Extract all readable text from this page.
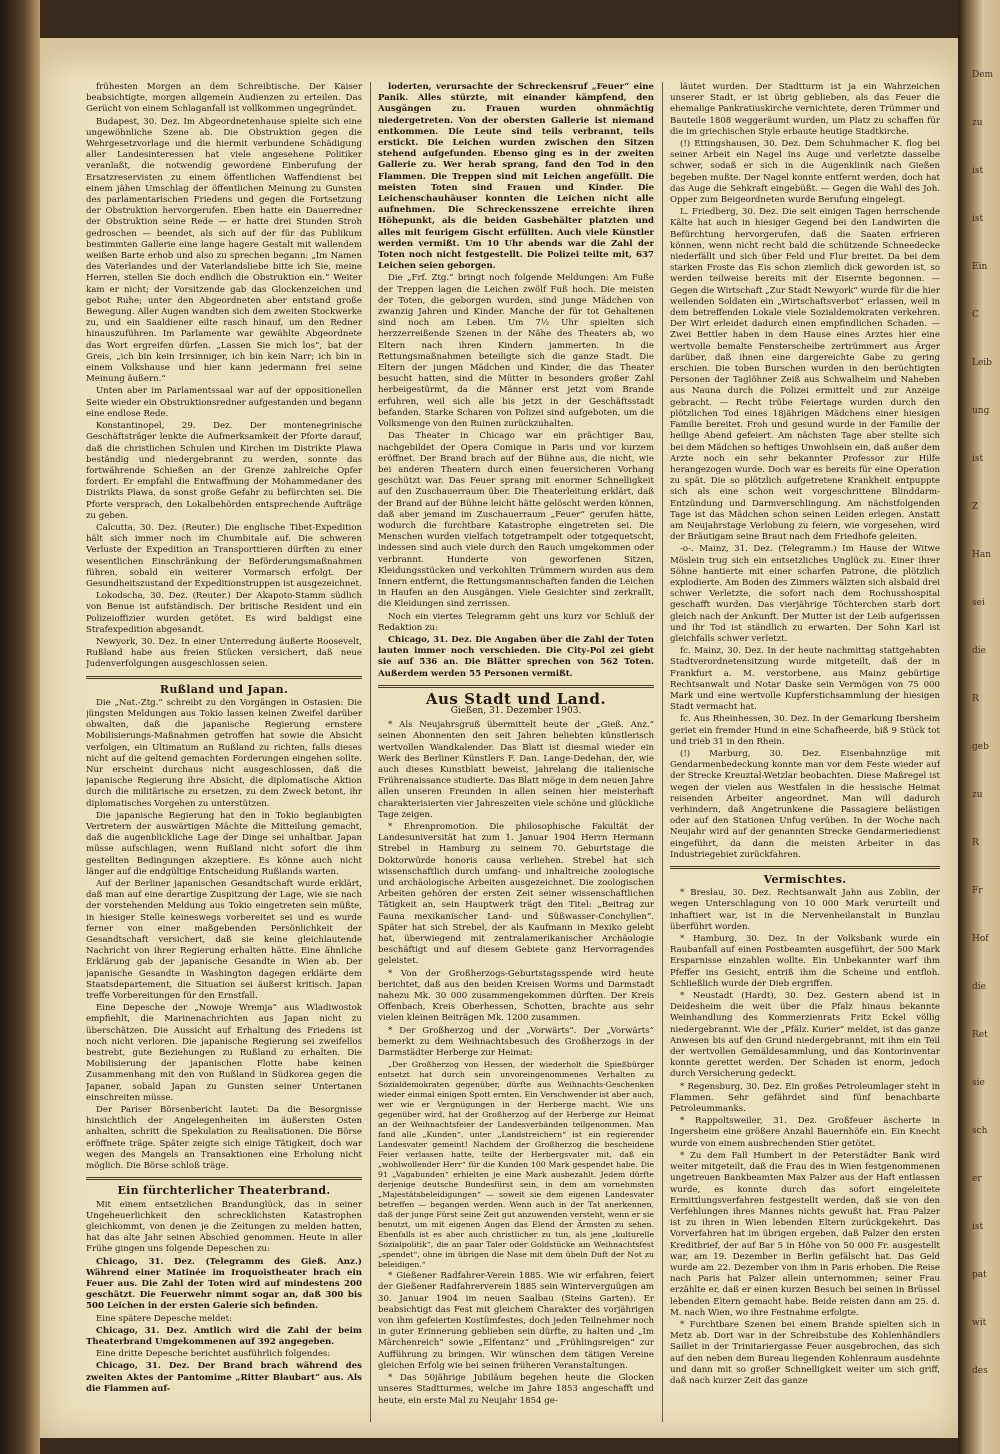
frühesten Morgen an dem Schreibtische. Der Kaiser beabsichtigte, morgen allgemein Audienzen zu erteilen. Das Gerücht von einem Schlaganfall ist vollkommen ungegründet.

Budapest, 30. Dez. Im Abgeordnetenhause spielte sich eine ungewöhnliche Szene ab. Die Obstruktion gegen die Wehrgesetzvorlage und die hiermit verbundene Schädigung aller Landesinteressen hat viele angesehene Politiker veranlaßt, die notwendig gewordene Einberufung der Ersatzreservisten zu einem öffentlichen Waffendienst bei einem jähen Umschlag der öffentlichen Meinung zu Gunsten des parlamentarischen Friedens und gegen die Fortsetzung der Obstruktion hervorgerufen. Eben hatte ein Dauerredner der Obstruktion seine Rede — er hatte drei Stunden Stroh gedroschen — beendet, als sich auf der für das Publikum bestimmten Gallerie eine lange hagere Gestalt mit wallendem weißen Barte erhob und also zu sprechen begann: „Im Namen des Vaterlandes und der Vaterlandsliebe bitte ich Sie, meine Herren, stellen Sie doch endlich die Obstruktion ein.“ Weiter kam er nicht; der Vorsitzende gab das Glockenzeichen und gebot Ruhe; unter den Abgeordneten aber entstand große Bewegung. Aller Augen wandten sich dem zweiten Stockwerke zu, und ein Saaldiener eilte rasch hinauf, um den Redner hinauszuführen. Im Parlamente war gewählte Abgeordnete das Wort ergreifen dürfen. „Lassen Sie mich los“, bat der Greis, „ich bin kein Irrsinniger, ich bin kein Narr; ich bin in einem Volkshause und hier kann jedermann frei seine Meinung äußern.“

Unten aber im Parlamentssaal war auf der oppositionellen Seite wieder ein Obstruktionsredner aufgestanden und begann eine endlose Rede.

Konstantinopel, 29. Dez. Der montenegrinische Geschäftsträger lenkte die Aufmerksamkeit der Pforte darauf, daß die christlichen Schulen und Kirchen im Distrikte Plawa beständig und niedergebrannt zu werden, sonnte das fortwährende Schießen an der Grenze zahlreiche Opfer fordert. Er empfahl die Entwaffnung der Mohammedaner des Distrikts Plawa, da sonst große Gefahr zu befürchten sei. Die Pforte versprach, den Lokalbehörden entsprechende Aufträge zu geben.

Calcutta, 30. Dez. (Reuter.) Die englische Tibet-Expedition hält sich immer noch im Chumbitale auf. Die schweren Verluste der Expedition an Transporttieren dürften zu einer wesentlichen Einschränkung der Beförderungsmaßnahmen führen, sobald ein weiterer Vormarsch erfolgt. Der Gesundheitszustand der Expeditionstruppen ist ausgezeichnet.

Lokodscha, 30. Dez. (Reuter.) Der Akapoto-Stamm südlich von Benue ist aufständisch. Der britische Resident und ein Polizeioffizier wurden getötet. Es wird baldigst eine Strafexpedition abgesandt.

Newyork, 30. Dez. In einer Unterredung äußerte Roosevelt, Rußland habe aus freien Stücken versichert, daß neue Judenverfolgungen ausgeschlossen seien.

Rußland und Japan.

Die „Nat.-Ztg.“ schreibt zu den Vorgängen in Ostasien: Die jüngsten Meldungen aus Tokio lassen keinen Zweifel darüber obwalten, daß die japanische Regierung ernstere Mobilisierungs-Maßnahmen getroffen hat sowie die Absicht verfolgen, ein Ultimatum an Rußland zu richten, falls dieses nicht auf die geltend gemachten Forderungen eingehen sollte. Nur erscheint durchaus nicht ausgeschlossen, daß die japanische Regierung ihre Absicht, die diplomatische Aktion durch die militärische zu ersetzen, zu dem Zweck betont, ihr diplomatisches Vorgehen zu unterstützen.

Die japanische Regierung hat den in Tokio beglaubigten Vertretern der auswärtigen Mächte die Mitteilung gemacht, daß die augenblickliche Lage der Dinge sei unhaltbar. Japan müsse aufschlagen, wenn Rußland nicht sofort die ihm gestellten Bedingungen akzeptiere. Es könne auch nicht länger auf die endgültige Entscheidung Rußlands warten.

Auf der Berliner japanischen Gesandtschaft wurde erklärt, daß man auf eine derartige Zuspitzung der Lage, wie sie nach der vorstehenden Meldung aus Tokio eingetreten sein müßte, in hiesiger Stelle keineswegs vorbereitet sei und es wurde ferner von einer maßgebenden Persönlichkeit der Gesandtschaft versichert, daß sie keine gleichlautende Nachricht von ihrer Regierung erhalten hätte. Eine ähnliche Erklärung gab der japanische Gesandte in Wien ab. Der japanische Gesandte in Washington dagegen erklärte dem Staatsdepartement, die Situation sei äußerst kritisch. Japan treffe Vorbereitungen für den Ernstfall.

Eine Depesche der „Nowoje Wremja“ aus Wladiwostok empfiehlt, die Marinenachrichten aus Japan nicht zu überschätzen. Die Aussicht auf Erhaltung des Friedens ist noch nicht verloren. Die japanische Regierung sei zweifellos bestrebt, gute Beziehungen zu Rußland zu erhalten. Die Mobilisierung der japanischen Flotte habe keinen Zusammenhang mit den von Rußland in Südkorea gegen die Japaner, sobald Japan zu Gunsten seiner Untertanen einschreiten müsse.

Der Pariser Börsenbericht lautet: Da die Besorgnisse hinsichtlich der Angelegenheiten im äußersten Osten anhalten, schritt die Spekulation zu Realisationen. Die Börse eröffnete träge. Später zeigte sich einige Tätigkeit, doch war wegen des Mangels an Transaktionen eine Erholung nicht möglich. Die Börse schloß träge.

Ein fürchterlicher Theaterbrand.

Mit einem entsetzlichen Brandunglück, das in seiner Ungeheuerlichkeit den schrecklichsten Katastrophen gleichkommt, von denen je die Zeitungen zu melden hatten, hat das alte Jahr seinen Abschied genommen. Heute in aller Frühe gingen uns folgende Depeschen zu:

Chicago, 31. Dez. (Telegramm des Gieß. Anz.) Während einer Matinée im Iroquoistheater brach ein Feuer aus. Die Zahl der Toten wird auf mindestens 200 geschätzt. Die Feuerwehr nimmt sogar an, daß 300 bis 500 Leichen in der ersten Galerie sich befinden.

Eine spätere Depesche meldet:

Chicago, 31. Dez. Amtlich wird die Zahl der beim Theaterbrand Umgekommenen auf 392 angegeben.

Eine dritte Depesche berichtet ausführlich folgendes:

Chicago, 31. Dez. Der Brand brach während des zweiten Aktes der Pantomime „Ritter Blaubart“ aus. Als die Flammen auf-

loderten, verursachte der Schreckensruf „Feuer“ eine Panik. Alles stürzte, mit einander kämpfend, den Ausgängen zu. Frauen wurden ohnmächtig niedergetreten. Von der obersten Gallerie ist niemand entkommen. Die Leute sind teils verbrannt, teils erstickt. Die Leichen wurden zwischen den Sitzen stehend aufgefunden. Ebenso ging es in der zweiten Gallerie zu. Wer herab sprang, fand den Tod in den Flammen. Die Treppen sind mit Leichen angefüllt. Die meisten Toten sind Frauen und Kinder. Die Leichenschauhäuser konnten die Leichen nicht alle aufnehmen. Die Schreckensszene erreichte ihren Höhepunkt, als die beiden Gasbehälter platzten und alles mit feurigem Gischt erfüllten. Auch viele Künstler werden vermißt. Um 10 Uhr abends war die Zahl der Toten noch nicht festgestellt. Die Polizei teilte mit, 637 Leichen seien geborgen.

Die „Frf. Ztg.“ bringt noch folgende Meldungen: Am Fuße der Treppen lagen die Leichen zwölf Fuß hoch. Die meisten der Toten, die geborgen wurden, sind junge Mädchen von zwanzig Jahren und Kinder. Manche der für tot Gehaltenen sind noch am Leben. Um 7½ Uhr spielten sich herzzerreißende Szenen in der Nähe des Theaters ab, wo Eltern nach ihren Kindern jammerten. In die Rettungsmaßnahmen beteiligte sich die ganze Stadt. Die Eltern der jungen Mädchen und Kinder, die das Theater besucht hatten, sind die Mütter in besonders großer Zahl herbeigestürmt, da die Männer erst jetzt vom Brande erfuhren, weil sich alle bis jetzt in der Geschäftsstadt befanden. Starke Scharen von Polizei sind aufgeboten, um die Volksmenge von den Ruinen zurückzuhalten.

Das Theater in Chicago war ein prächtiger Bau, nachgebildet der Opera Comique in Paris und vor kurzem eröffnet. Der Brand brach auf der Bühne aus, die nicht, wie bei anderen Theatern durch einen feuersicheren Vorhang geschützt war. Das Feuer sprang mit enormer Schnelligkeit auf den Zuschauerraum über. Die Theaterleitung erklärt, daß der Brand auf der Bühne leicht hätte gelöscht werden können, daß aber jemand im Zuschauerraum „Feuer“ gerufen hätte, wodurch die furchtbare Katastrophe eingetreten sei. Die Menschen wurden vielfach totgetrampelt oder totgequetscht, indessen sind auch viele durch den Rauch umgekommen oder verbrannt. Hunderte von geworfenen Sitzen, Kleidungsstücken und verkohlten Trümmern wurden aus dem Innern entfernt, die Rettungsmannschaften fanden die Leichen in Haufen an den Ausgängen. Viele Gesichter sind zerkrallt, die Kleidungen sind zerrissen.

Noch ein viertes Telegramm geht uns kurz vor Schluß der Redaktion zu:

Chicago, 31. Dez. Die Angaben über die Zahl der Toten lauten immer noch verschieden. Die City-Pol zei giebt sie auf 536 an. Die Blätter sprechen von 562 Toten. Außerdem werden 55 Personen vermißt.

Aus Stadt und Land.
Gießen, 31. Dezember 1903.

* Als Neujahrsgruß übermittelt heute der „Gieß. Anz.“ seinen Abonnenten den seit Jahren beliebten künstlerisch wertvollen Wandkalender. Das Blatt ist diesmal wieder ein Werk des Berliner Künstlers F. Dan. Lange-Dedehan, der, wie auch dieses Kunstblatt beweist, jahrelang die italienische Frührenaissance studierte. Das Blatt möge in dem neuen Jahre allen unseren Freunden in allen seinen hier meisterhaft charakterisierten vier Jahreszeiten viele schöne und glückliche Tage zeigen.

* Ehrenpromotion. Die philosophische Fakultät der Landesuniversität hat zum 1. Januar 1904 Herrn Hermann Strebel in Hamburg zu seinem 70. Geburtstage die Doktorwürde honoris causa verliehen. Strebel hat sich wissenschaftlich durch umfang- und inhaltreiche zoologische und archäologische Arbeiten ausgezeichnet. Die zoologischen Arbeiten gehören der ersten Zeit seiner wissenschaftlichen Tätigkeit an, sein Hauptwerk trägt den Titel: „Beitrag zur Fauna mexikanischer Land- und Süßwasser-Conchylien“. Später hat sich Strebel, der als Kaufmann in Mexiko gelebt hat, überwiegend mit zentralamerikanischer Archäologie beschäftigt und auf diesem Gebiete ganz Hervorragendes geleistet.

* Von der Großherzogs-Geburtstagsspende wird heute berichtet, daß aus den beiden Kreisen Worms und Darmstadt nahezu Mk. 30 000 zusammengekommen dürften. Der Kreis Offenbach, Kreis Oberhessen, Schotten, brachte aus sehr vielen kleinen Beiträgen Mk. 1200 zusammen.

* Der Großherzog und der „Vorwärts“. Der „Vorwärts“ bemerkt zu dem Weihnachtsbesuch des Großherzogs in der Darmstädter Herberge zur Heimat:

„Der Großherzog von Hessen, der wiederholt die Spießbürger entsetzt hat durch sein unvoreingenommenes Verhalten zu Sozialdemokraten gegenüber, dürfte aus Weihnachts-Geschenken wieder einmal einigen Spott ernten. Ein Verschwender ist aber auch, wer wie er Vergnügungen in der Herberge macht. Wie uns gegenüber wird, hat der Großherzog auf der Herberge zur Heimat an der Weihnachtsfeier der Landesverbänden teilgenommen. Man fand alle „Kunden“, unter „Landstreichern“ ist ein regierender Landesvater gemeint! Nachdem der Großherzog die bescheidene Feier verlassen hatte, teilte der Herbergsvater mit, daß ein „wohlwollender Herr“ für die Kunden 100 Mark gespendet habe. Die 91 „Vagabunden“ erhielten je eine Mark ausbezahlt. Jedem dürfte derjenige deutsche Bundesfürst sein, in dem am vornehmsten „Majestätsbeleidigungen“ — soweit sie dem eigenen Landesvater betreffen — begangen werden. Wenn auch in der Tat anerkennen, daß der junge Fürst seine Zeit gut anzuwenden versteht, wenn er sie benutzt, um mit eigenen Augen das Elend der Ärmsten zu sehen. Ebenfalls ist es aber auch christlicher zu tun, als jene „kulturelle Sozialpolitik“, die an paar Taler oder Goldstücke am Weihnachtsfest „spendet“, ohne im übrigen die Nase mit dem übeln Duft der Not zu beleidigen.“

* Gießener Radfahrer-Verein 1885. Wie wir erfahren, feiert der Gießener Radfahrerverein 1885 sein Winterverguügen am 30. Januar 1904 im neuen Saalbau (Steins Garten). Er beabsichtigt das Fest mit gleichem Charakter des vorjährigen von ihm gefeierten Kostümfestes, doch jeden Teilnehmer noch in guter Erinnerung geblieben sein dürfte, zu halten und „Im Märchenreich“ sowie „Elfentanz“ und „Frühlingsreigen“ zur Aufführung zu bringen. Wir wünschen dem tätigen Vereine gleichen Erfolg wie bei seinen früheren Veranstaltungen.

* Das 50jährige Jubiläum begehen heute die Glocken unseres Stadtturmes, welche im Jahre 1853 angeschafft und heute, ein erste Mal zu Neujahr 1854 ge-

läutet wurden. Der Stadtturm ist ja ein Wahrzeichen unserer Stadt, er ist übrig geblieben, als das Feuer die ehemalige Pankratiuskirche vernichtete, deren Trümmer und Bauteile 1808 weggeräumt wurden, um Platz zu schaffen für die im griechischen Style erbaute heutige Stadtkirche.

(!) Ettingshausen, 30. Dez. Dem Schuhmacher K. flog bei seiner Arbeit ein Nagel ins Auge und verletzte dasselbe schwer, sodaß er sich in die Augenklinik nach Gießen begeben mußte. Der Nagel konnte entfernt werden, doch hat das Auge die Sehkraft eingebüßt. — Gegen die Wahl des Joh. Opper zum Beigeordneten wurde Berufung eingelegt.

L. Friedberg, 30. Dez. Die seit einigen Tagen herrschende Kälte hat auch in hiesiger Gegend bei den Landwirten die Befürchtung hervorgerufen, daß die Saaten erfrieren können, wenn nicht recht bald die schützende Schneedecke niederfällt und sich über Feld und Flur breitet. Da bei dem starken Froste das Eis schon ziemlich dick geworden ist, so werden teilweise bereits mit der Eisernte begonnen. — Gegen die Wirtschaft „Zur Stadt Newyork“ wurde für die hier weilenden Soldaten ein „Wirtschaftsverbot“ erlassen, weil in dem betreffenden Lokale viele Sozialdemokraten verkehren. Der Wirt erleidet dadurch einen empfindlichen Schaden. — Zwei Bettler haben in dem Hause eines Arztes hier eine wertvolle bemalte Fensterscheibe zertrümmert aus Ärger darüber, daß ihnen eine dargereichte Gabe zu gering erschien. Die toben Burschen wurden in den berüchtigten Personen der Taglöhner Zeiß aus Schwalheim und Naheben aus Nauna durch die Polizei ermittelt und zur Anzeige gebracht. — Recht trübe Feiertage wurden durch den plötzlichen Tod eines 18jährigen Mädchens einer hiesigen Familie bereitet. Froh und gesund wurde in der Familie der heilige Abend gefeiert. Am nächsten Tage aber stellte sich bei dem Mädchen so heftiges Unwohlsein ein, daß außer dem Arzte noch ein sehr bekannter Professor zur Hilfe herangezogen wurde. Doch war es bereits für eine Operation zu spät. Die so plötzlich aufgetretene Krankheit entpuppte sich als eine schon weit vorgeschrittene Blinddarm-Entzündung und Darmverschlingung. Am nächstfolgenden Tage ist das Mädchen schon seinen Leiden erlegen. Anstatt am Neujahrstage Verlobung zu feiern, wie vorgesehen, wird der Bräutigam seine Braut nach dem Friedhofe geleiten.

-o-. Mainz, 31. Dez. (Telegramm.) Im Hause der Witwe Möslein trug sich ein entsetzliches Unglück zu. Einer ihrer Söhne hantierte mit einer scharfen Patrone, die plötzlich explodierte. Am Boden des Zimmers wälzten sich alsbald drei schwer Verletzte, die sofort nach dem Rochusshospital geschafft wurden. Das vierjährige Töchterchen starb dort gleich nach der Ankunft. Der Mutter ist der Leib aufgerissen und ihr Tod ist ständlich zu erwarten. Der Sohn Karl ist gleichfalls schwer verletzt.

fc. Mainz, 30. Dez. In der heute nachmittag stattgehabten Stadtverordnetensitzung wurde mitgeteilt, daß der in Frankfurt a. M. verstorbene, aus Mainz gebürtige Rechtsanwalt und Notar Daske sein Vermögen von 75 000 Mark und eine wertvolle Kupferstichsammlung der hiesigen Stadt vermacht hat.

fc. Aus Rheinhessen, 30. Dez. In der Gemarkung Ibersheim geriet ein fremder Hund in eine Schafheerde, biß 9 Stück tot und trieb 31 in den Rhein.

(!) Marburg, 30. Dez. Eisenbahnzüge mit Gendarmenbedeckung konnte man vor dem Feste wieder auf der Strecke Kreuztal-Wetzlar beobachten. Diese Maßregel ist wegen der vielen aus Westfalen in die hessische Heimat reisenden Arbeiter angeordnet. Man will dadurch verhindern, daß Angetrunkene die Passagiere belästigen oder auf den Stationen Unfug verüben. In der Woche nach Neujahr wird auf der genannten Strecke Gendarmeriedienst eingeführt, da dann die meisten Arbeiter in das Industriegebiet zurückfahren.

Vermischtes.

* Breslau, 30. Dez. Rechtsanwalt Jahn aus Zoblin, der wegen Unterschlagung von 10 000 Mark verurteilt und inhaftiert war, ist in die Nervenheilanstalt in Bunzlau überführt worden.

* Hamburg, 30. Dez. In der Volksbank wurde ein Raubanfall auf einen Postbeamten ausgeführt, der 500 Mark Ersparnisse einzahlen wollte. Ein Unbekannter warf ihm Pfeffer ins Gesicht, entriß ihm die Scheine und entfloh. Schließlich wurde der Dieb ergriffen.

* Neustadt (Hardt), 30. Dez. Gestern abend ist in Deidesheim die weit über die Pfalz hinaus bekannte Weinhandlung des Kommerzienrats Fritz Eckel völlig niedergebrannt. Wie der „Pfälz. Kurier“ meldet, ist das ganze Anwesen bis auf den Grund niedergebrannt, mit ihm ein Teil der wertvollen Gemäldesammlung, und das Kontorinventar konnte gerettet werden. Der Schaden ist enorm, jedoch durch Versicherung gedeckt.

* Regensburg, 30. Dez. Ein großes Petroleumlager steht in Flammen. Sehr gefährdet sind fünf benachbarte Petroleummanks.

* Rappoltsweiler, 31. Dez. Großfeuer äscherte in Ingersheim eine größere Anzahl Bauernhöfe ein. Ein Knecht wurde von einem ausbrechenden Stier getötet.

* Zu dem Fall Humbert in der Peterstädter Bank wird weiter mitgeteilt, daß die Frau des in Wien festgenommenen ungetreuen Bankbeamten Max Palzer aus der Haft entlassen wurde, es konnte durch das sofort eingeleitete Ermittlungsverfahren festgestellt werden, daß sie von den Verfehlungen ihres Mannes nichts gewußt hat. Frau Palzer ist zu ihren in Wien lebenden Eltern zurückgekehrt. Das Vorverfahren hat im übrigen ergeben, daß Palzer den ersten Kreditbrief, der auf Bar 5 in Höhe von 50 000 Fr. ausgestellt war, am 19. Dezember in Berlin gefälscht hat. Das Geld wurde am 22. Dezember von ihm in Paris erhoben. Die Reise nach Paris hat Palzer allein unternommen; seiner Frau erzählte er, daß er einen kurzen Besuch bei seinen in Brüssel lebenden Eltern gemacht habe. Beide reisten dann am 25. d. M. nach Wien, wo ihre Festnahme erfolgte.

* Furchtbare Szenen bei einem Brande spielten sich in Metz ab. Dort war in der Schreibstube des Kohlenhändlers Saillet in der Trinitariergasse Feuer ausgebrochen, das sich auf den neben dem Bureau liegenden Kohlenraum ausdehnte und dann mit so großer Schnelligkeit weiter um sich griff, daß nach kurzer Zeit das ganze

Dem
zu
ist
ist
Ein
C
Leib
ung
ist
Z
Han
sei
die
R
geb
zu
R
Fr
Hof
die
Ret
sie
sch
er
ist
pat
wit
des
